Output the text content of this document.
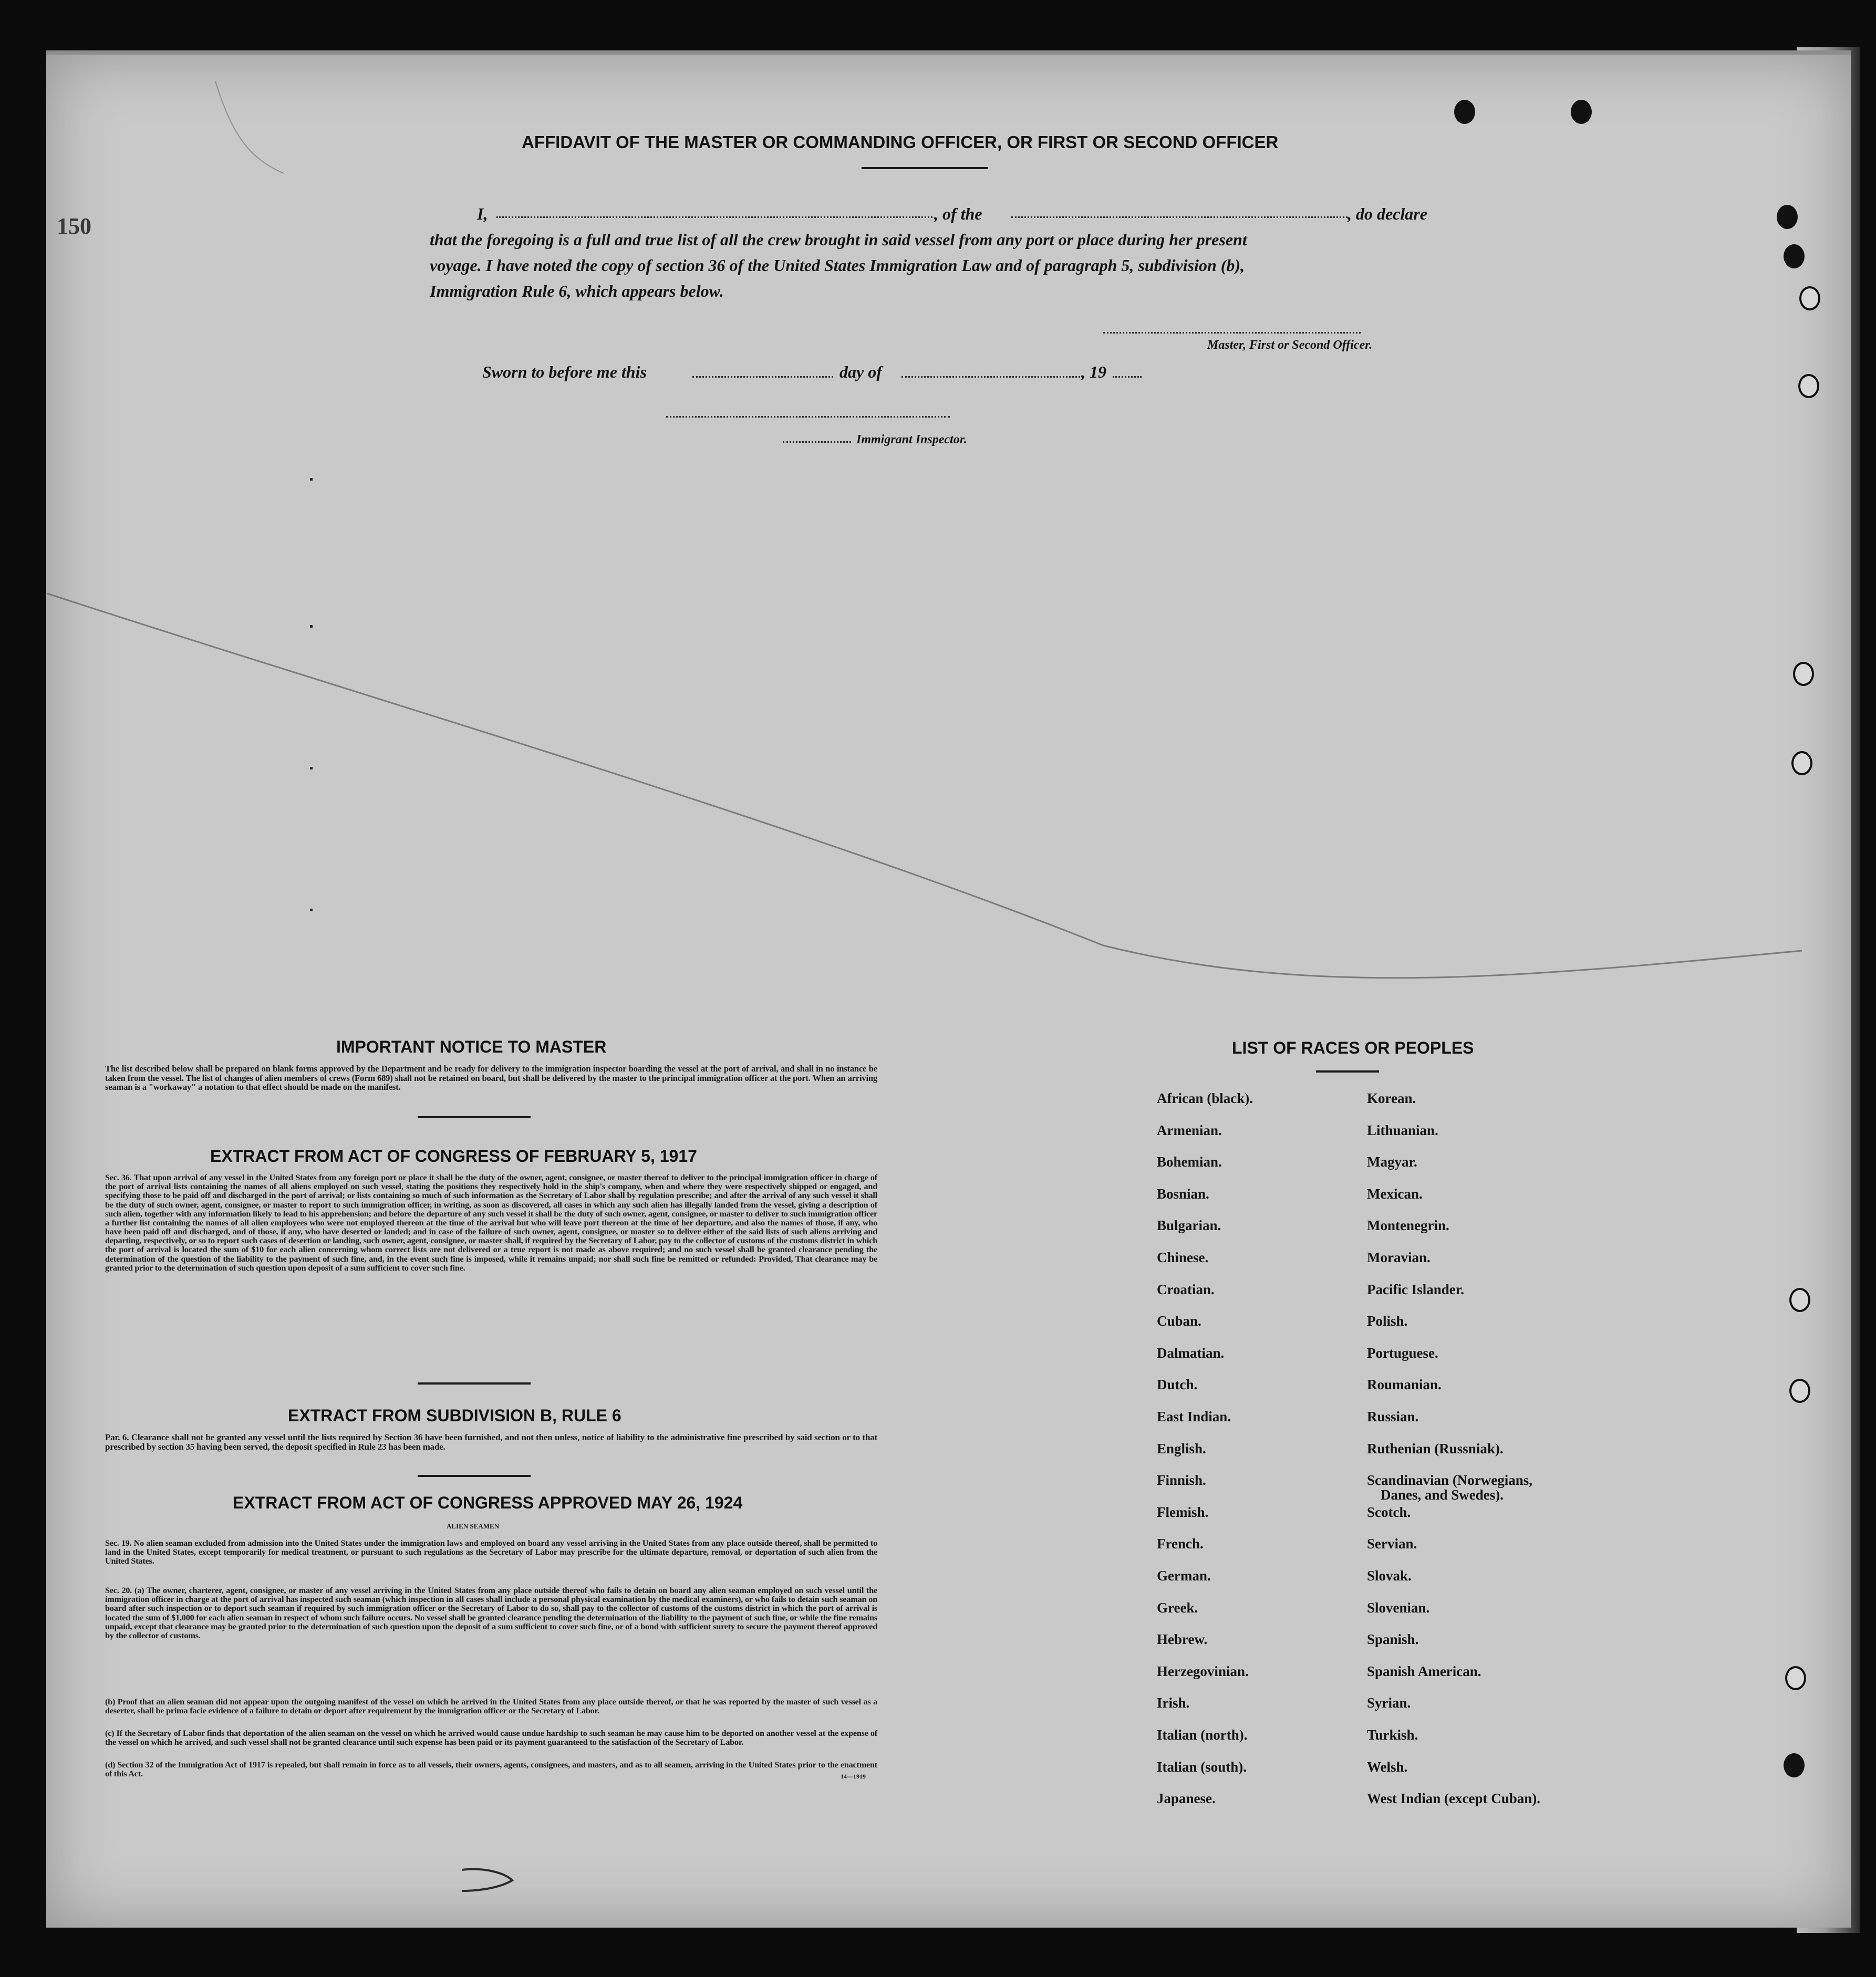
150
AFFIDAVIT OF THE MASTER OR COMMANDING OFFICER, OR FIRST OR SECOND OFFICER
I,	, of the	, do declare
that the foregoing is a full and true list of all the crew brought in said vessel from any port or place during her present
voyage. I have noted the copy of section 36 of the United States Immigration Law and of paragraph 5, subdivision (b),
Immigration Rule 6, which appears below.
Master, First or Second Officer.
Sworn to before me this	day of	, 19
Immigrant Inspector.
IMPORTANT NOTICE TO MASTER
The list described below shall be prepared on blank forms approved by the Department and be ready for delivery to the immigration inspector boarding the vessel at the port of arrival, and shall in no instance be taken from the vessel. The list of changes of alien members of crews (Form 689) shall not be retained on board, but shall be delivered by the master to the principal immigration officer at the port. When an arriving seaman is a "workaway" a notation to that effect should be made on the manifest.
EXTRACT FROM ACT OF CONGRESS OF FEBRUARY 5, 1917
Sec. 36. That upon arrival of any vessel in the United States from any foreign port or place it shall be the duty of the owner, agent, consignee, or master thereof to deliver to the principal immigration officer in charge of the port of arrival lists containing the names of all aliens employed on such vessel, stating the positions they respectively hold in the ship's company, when and where they were respectively shipped or engaged, and specifying those to be paid off and discharged in the port of arrival; or lists containing so much of such information as the Secretary of Labor shall by regulation prescribe; and after the arrival of any such vessel it shall be the duty of such owner, agent, consignee, or master to report to such immigration officer, in writing, as soon as discovered, all cases in which any such alien has illegally landed from the vessel, giving a description of such alien, together with any information likely to lead to his apprehension; and before the departure of any such vessel it shall be the duty of such owner, agent, consignee, or master to deliver to such immigration officer a further list containing the names of all alien employees who were not employed thereon at the time of the arrival but who will leave port thereon at the time of her departure, and also the names of those, if any, who have been paid off and discharged, and of those, if any, who have deserted or landed; and in case of the failure of such owner, agent, consignee, or master so to deliver either of the said lists of such aliens arriving and departing, respectively, or so to report such cases of desertion or landing, such owner, agent, consignee, or master shall, if required by the Secretary of Labor, pay to the collector of customs of the customs district in which the port of arrival is located the sum of $10 for each alien concerning whom correct lists are not delivered or a true report is not made as above required; and no such vessel shall be granted clearance pending the determination of the question of the liability to the payment of such fine, and, in the event such fine is imposed, while it remains unpaid; nor shall such fine be remitted or refunded: Provided, That clearance may be granted prior to the determination of such question upon deposit of a sum sufficient to cover such fine.
EXTRACT FROM SUBDIVISION B, RULE 6
Par. 6. Clearance shall not be granted any vessel until the lists required by Section 36 have been furnished, and not then unless, notice of liability to the administrative fine prescribed by said section or to that prescribed by section 35 having been served, the deposit specified in Rule 23 has been made.
EXTRACT FROM ACT OF CONGRESS APPROVED MAY 26, 1924
ALIEN SEAMEN
Sec. 19. No alien seaman excluded from admission into the United States under the immigration laws and employed on board any vessel arriving in the United States from any place outside thereof, shall be permitted to land in the United States, except temporarily for medical treatment, or pursuant to such regulations as the Secretary of Labor may prescribe for the ultimate departure, removal, or deportation of such alien from the United States.
Sec. 20. (a) The owner, charterer, agent, consignee, or master of any vessel arriving in the United States from any place outside thereof who fails to detain on board any alien seaman employed on such vessel until the immigration officer in charge at the port of arrival has inspected such seaman (which inspection in all cases shall include a personal physical examination by the medical examiners), or who fails to detain such seaman on board after such inspection or to deport such seaman if required by such immigration officer or the Secretary of Labor to do so, shall pay to the collector of customs of the customs district in which the port of arrival is located the sum of $1,000 for each alien seaman in respect of whom such failure occurs. No vessel shall be granted clearance pending the determination of the liability to the payment of such fine, or while the fine remains unpaid, except that clearance may be granted prior to the determination of such question upon the deposit of a sum sufficient to cover such fine, or of a bond with sufficient surety to secure the payment thereof approved by the collector of customs.
(b) Proof that an alien seaman did not appear upon the outgoing manifest of the vessel on which he arrived in the United States from any place outside thereof, or that he was reported by the master of such vessel as a deserter, shall be prima facie evidence of a failure to detain or deport after requirement by the immigration officer or the Secretary of Labor.
(c) If the Secretary of Labor finds that deportation of the alien seaman on the vessel on which he arrived would cause undue hardship to such seaman he may cause him to be deported on another vessel at the expense of the vessel on which he arrived, and such vessel shall not be granted clearance until such expense has been paid or its payment guaranteed to the satisfaction of the Secretary of Labor.
(d) Section 32 of the Immigration Act of 1917 is repealed, but shall remain in force as to all vessels, their owners, agents, consignees, and masters, and as to all seamen, arriving in the United States prior to the enactment of this Act.	14—1919
LIST OF RACES OR PEOPLES
African (black).
Armenian.
Bohemian.
Bosnian.
Bulgarian.
Chinese.
Croatian.
Cuban.
Dalmatian.
Dutch.
East Indian.
English.
Finnish.
Flemish.
French.
German.
Greek.
Hebrew.
Herzegovinian.
Irish.
Italian (north).
Italian (south).
Japanese.
Korean.
Lithuanian.
Magyar.
Mexican.
Montenegrin.
Moravian.
Pacific Islander.
Polish.
Portuguese.
Roumanian.
Russian.
Ruthenian (Russniak).
Scandinavian (Norwegians,
Danes, and Swedes).
Scotch.
Servian.
Slovak.
Slovenian.
Spanish.
Spanish American.
Syrian.
Turkish.
Welsh.
West Indian (except Cuban).
